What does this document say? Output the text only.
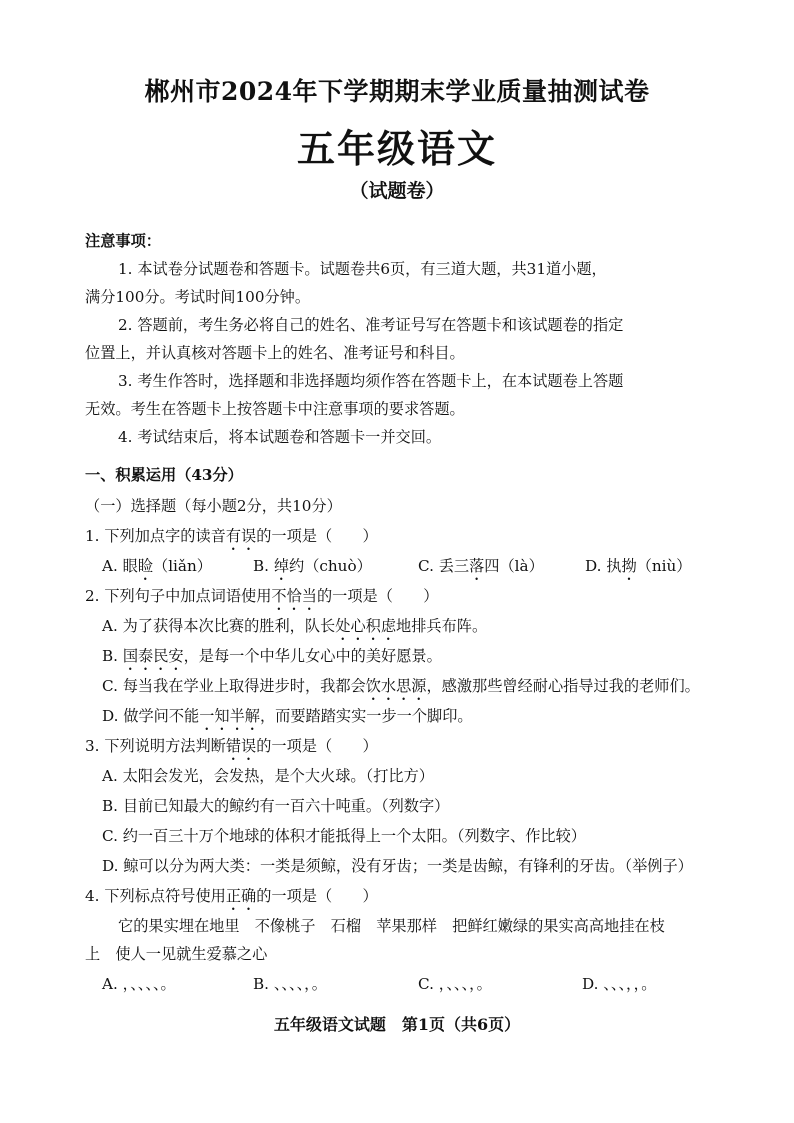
郴州市2024年下学期期末学业质量抽测试卷
五年级语文
（试题卷）
注意事项：
1. 本试卷分试题卷和答题卡。试题卷共6页，有三道大题，共31道小题，
满分100分。考试时间100分钟。
2. 答题前，考生务必将自己的姓名、准考证号写在答题卡和该试题卷的指定
位置上，并认真核对答题卡上的姓名、准考证号和科目。
3. 考生作答时，选择题和非选择题均须作答在答题卡上，在本试题卷上答题
无效。考生在答题卡上按答题卡中注意事项的要求答题。
4. 考试结束后，将本试题卷和答题卡一并交回。
一、积累运用（43分）
（一）选择题（每小题2分，共10分）
1. 下列加点字的读音有误的一项是（　　）
A. 眼睑（liǎn）	B. 绰约（chuò）	C. 丢三落四（là）	D. 执拗（niù）
2. 下列句子中加点词语使用不恰当的一项是（　　）
A. 为了获得本次比赛的胜利，队长处心积虑地排兵布阵。
B. 国泰民安，是每一个中华儿女心中的美好愿景。
C. 每当我在学业上取得进步时，我都会饮水思源，感激那些曾经耐心指导过我的老师们。
D. 做学问不能一知半解，而要踏踏实实一步一个脚印。
3. 下列说明方法判断错误的一项是（　　）
A. 太阳会发光，会发热，是个大火球。（打比方）
B. 目前已知最大的鲸约有一百六十吨重。（列数字）
C. 约一百三十万个地球的体积才能抵得上一个太阳。（列数字、作比较）
D. 鲸可以分为两大类：一类是须鲸，没有牙齿；一类是齿鲸，有锋利的牙齿。（举例子）
4. 下列标点符号使用正确的一项是（　　）
它的果实埋在地里　不像桃子　石榴　苹果那样　把鲜红嫩绿的果实高高地挂在枝
上　使人一见就生爱慕之心
A. ，、、、、。	B. 、、、、，。	C. ，、、、，。	D. 、、、，，。
五年级语文试题　第1页（共6页）
